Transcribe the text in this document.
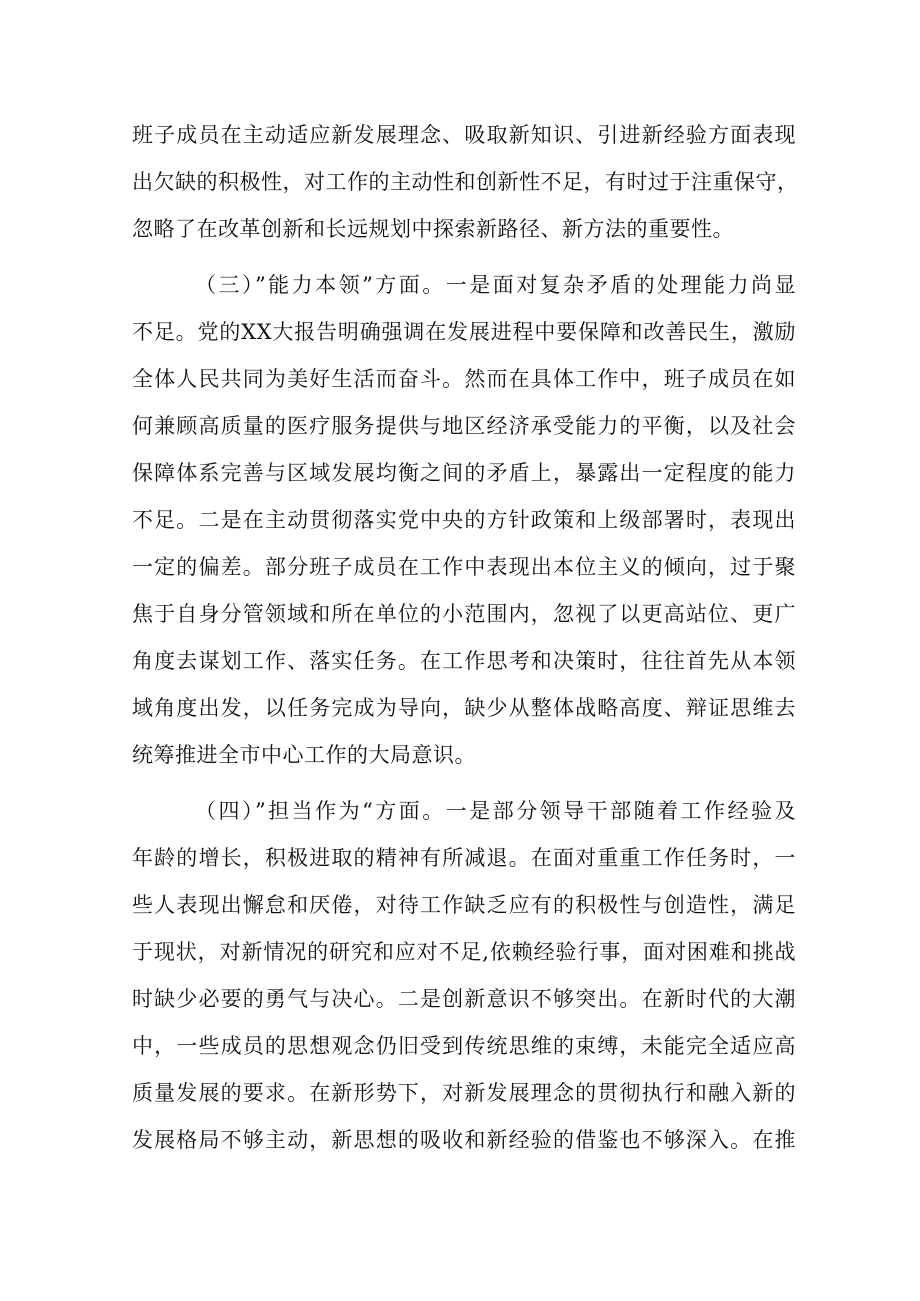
班子成员在主动适应新发展理念、吸取新知识、引进新经验方面表现
出欠缺的积极性，对工作的主动性和创新性不足，有时过于注重保守，
忽略了在改革创新和长远规划中探索新路径、新方法的重要性。
（三）”能力本领”方面。一是面对复杂矛盾的处理能力尚显
不足。党的XX大报告明确强调在发展进程中要保障和改善民生，激励
全体人民共同为美好生活而奋斗。然而在具体工作中，班子成员在如
何兼顾高质量的医疗服务提供与地区经济承受能力的平衡，以及社会
保障体系完善与区域发展均衡之间的矛盾上，暴露出一定程度的能力
不足。二是在主动贯彻落实党中央的方针政策和上级部署时，表现出
一定的偏差。部分班子成员在工作中表现出本位主义的倾向，过于聚
焦于自身分管领域和所在单位的小范围内，忽视了以更高站位、更广
角度去谋划工作、落实任务。在工作思考和决策时，往往首先从本领
域角度出发，以任务完成为导向，缺少从整体战略高度、辩证思维去
统筹推进全市中心工作的大局意识。
（四）”担当作为“方面。一是部分领导干部随着工作经验及
年龄的增长，积极进取的精神有所减退。在面对重重工作任务时，一
些人表现出懈怠和厌倦，对待工作缺乏应有的积极性与创造性，满足
于现状，对新情况的研究和应对不足,依赖经验行事，面对困难和挑战
时缺少必要的勇气与决心。二是创新意识不够突出。在新时代的大潮
中，一些成员的思想观念仍旧受到传统思维的束缚，未能完全适应高
质量发展的要求。在新形势下，对新发展理念的贯彻执行和融入新的
发展格局不够主动，新思想的吸收和新经验的借鉴也不够深入。在推
